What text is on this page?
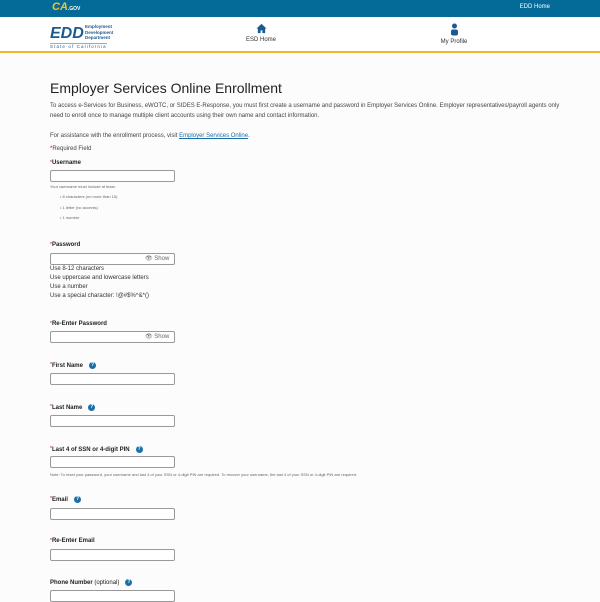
CA.GOV	EDD Home
EDD Employment
Development
Department
State of California
ESD Home	My Profile
Employer Services Online Enrollment
To access e-Services for Business, eWOTC, or SIDES E-Response, you must first create a username and password in Employer Services Online. Employer representatives/payroll agents only need to enroll once to manage multiple client accounts using their own name and contact information.
For assistance with the enrollment process, visit Employer Services Online.
*Required Field
*Username
Your username must include at least:
• 8 characters (no more than 15)
• 1 letter (no accents)
• 1 number
*Password
👁 Show
Use 8-12 characters
Use uppercase and lowercase letters
Use a number
Use a special character: !@#$%^&*()
*Re-Enter Password
👁 Show
*First Name ?
*Last Name ?
*Last 4 of SSN or 4-digit PIN ?
Note: To reset your password, your username and last 4 of your SSN or 4-digit PIN are required. To recover your username, the last 4 of your SSN or 4-digit PIN are required.
*Email ?
*Re-Enter Email
Phone Number (optional) ?
